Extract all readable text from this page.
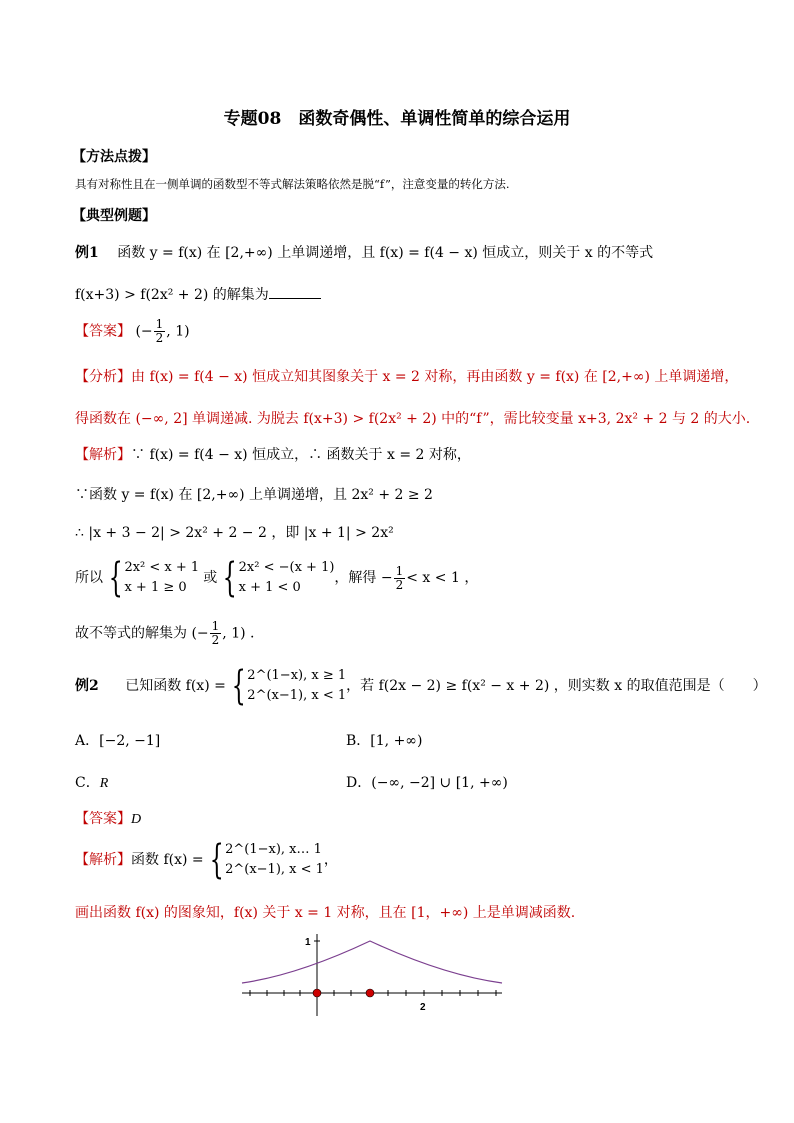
专题08　函数奇偶性、单调性简单的综合运用
【方法点拨】
具有对称性且在一侧单调的函数型不等式解法策略依然是脱“f”，注意变量的转化方法.
【典型例题】
例1 函数 y = f(x) 在 [2,+∞) 上单调递增，且 f(x) = f(4 − x) 恒成立，则关于 x 的不等式
f(x+3) > f(2x² + 2) 的解集为
【答案】 (− $\frac{1}{2}$ , 1)
【分析】由 f(x) = f(4 − x) 恒成立知其图象关于 x = 2 对称，再由函数 y = f(x) 在 [2,+∞) 上单调递增，
得函数在 (−∞, 2] 单调递减. 为脱去 f(x+3) > f(2x² + 2) 中的“f”，需比较变量 x+3, 2x² + 2 与 2 的大小.
【解析】∵ f(x) = f(4 − x) 恒成立，∴ 函数关于 x = 2 对称，
∵函数 y = f(x) 在 [2,+∞) 上单调递增，且 2x² + 2 ≥ 2
∴ |x + 3 − 2| > 2x² + 2 − 2 ，即 |x + 1| > 2x²
所以 { 2x² < x + 1
x + 1 ≥ 0
或 { 2x² < −(x + 1)
x + 1 < 0
，解得 − $\frac{1}{2} < x < 1$ ，
故不等式的解集为 (− $\frac{1}{2}$ , 1) .
例2 已知函数 f(x) = { 2^(1−x), x ≥ 1
2^(x−1), x < 1
，若 f(2x − 2) ≥ f(x² − x + 2) ，则实数 x 的取值范围是（　　）
A．[−2, −1]	B．[1, +∞)
C．R	D．(−∞, −2] ∪ [1, +∞)
【答案】D
【解析】函数 f(x) = { 2^(1−x), x… 1
2^(x−1), x < 1
，
画出函数 f(x) 的图象知，f(x) 关于 x = 1 对称，且在 [1，+∞) 上是单调减函数.
1
2
